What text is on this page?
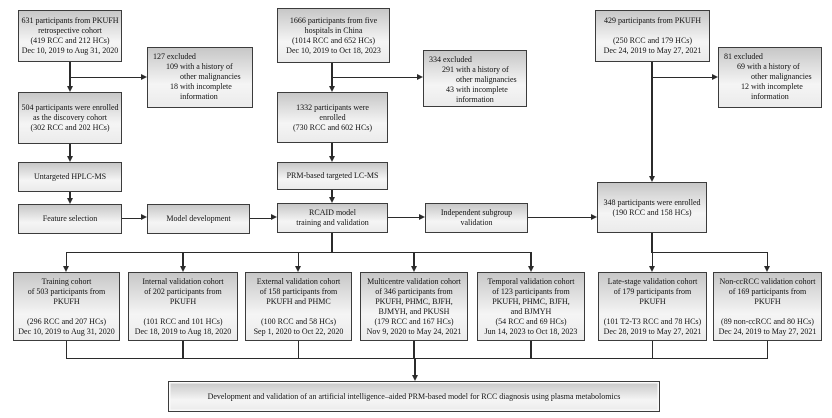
631 participants from PKUFH
retrospective cohort
(419 RCC and 212 HCs)
Dec 10, 2019 to Aug 31, 2020
127 excluded
109 with a history of
other malignancies
18 with incomplete
information
504 participants were enrolled
as the discovery cohort
(302 RCC and 202 HCs)
Untargeted HPLC-MS
Feature selection	Model development
1666 participants from five
hospitals in China
(1014 RCC and 652 HCs)
Dec 10, 2019 to Oct 18, 2023
334 excluded
291 with a history of
other malignancies
43 with incomplete
information
1332 participants were
enrolled
(730 RCC and 602 HCs)
PRM-based targeted LC-MS
RCAID model
training and validation
Independent subgroup
validation
429 participants from PKUFH
(250 RCC and 179 HCs)
Dec 24, 2019 to May 27, 2021
81 excluded
69 with a history of
other malignancies
12 with incomplete
information
348 participants were enrolled
(190 RCC and 158 HCs)
Training cohort
of 503 participants from
PKUFH
(296 RCC and 207 HCs)
Dec 10, 2019 to Aug 31, 2020
Internal validation cohort
of 202 participants from
PKUFH
(101 RCC and 101 HCs)
Dec 18, 2019 to Aug 18, 2020
External validation cohort
of 158 participants from
PKUFH and PHMC
(100 RCC and 58 HCs)
Sep 1, 2020 to Oct 22, 2020
Multicentre validation cohort
of 346 participants from
PKUFH, PHMC, BJFH,
BJMYH, and PKUSH
(179 RCC and 167 HCs)
Nov 9, 2020 to May 24, 2021
Temporal validation cohort
of 123 participants from
PKUFH, PHMC, BJFH,
and BJMYH
(54 RCC and 69 HCs)
Jun 14, 2023 to Oct 18, 2023
Late-stage validation cohort
of 179 participants from
PKUFH
(101 T2-T3 RCC and 78 HCs)
Dec 28, 2019 to May 27, 2021
Non-ccRCC validation cohort
of 169 participants from
PKUFH
(89 non-ccRCC and 80 HCs)
Dec 24, 2019 to May 27, 2021
Development and validation of an artificial intelligence–aided PRM-based model for RCC diagnosis using plasma metabolomics
